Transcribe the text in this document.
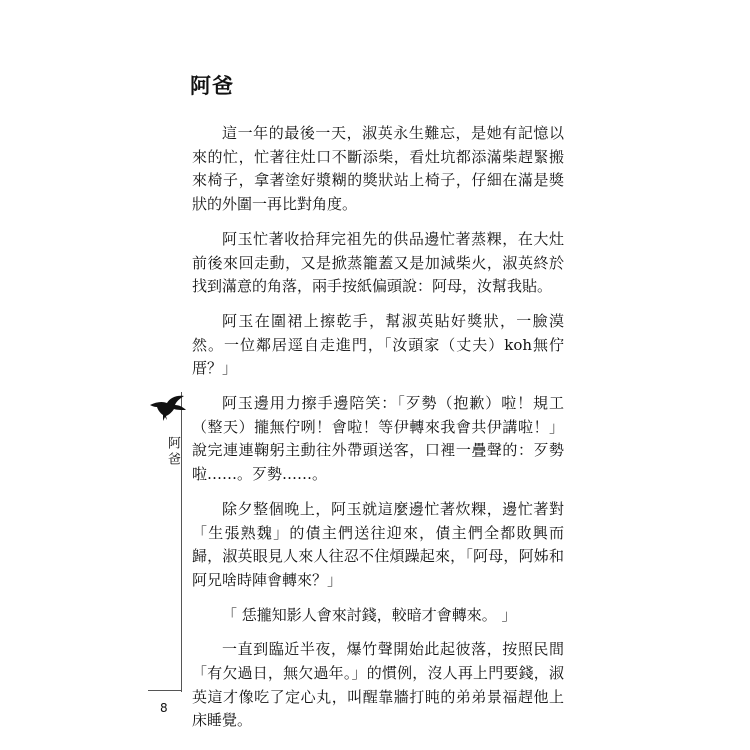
阿爸

這一年的最後一天，淑英永生難忘，是她有記憶以來的忙，忙著往灶口不斷添柴，看灶坑都添滿柴趕緊搬來椅子，拿著塗好漿糊的獎狀站上椅子，仔細在滿是獎狀的外圍一再比對角度。

阿玉忙著收拾拜完祖先的供品邊忙著蒸粿，在大灶前後來回走動，又是掀蒸籠蓋又是加減柴火，淑英終於找到滿意的角落，兩手按紙偏頭說：阿母，汝幫我貼。

阿玉在圍裙上擦乾手，幫淑英貼好獎狀，一臉漠然。一位鄰居逕自走進門，「汝頭家（丈夫）koh無佇厝？」

阿玉邊用力擦手邊陪笑：「歹勢（抱歉）啦！規工（整天）攏無佇咧！會啦！等伊轉來我會共伊講啦！」說完連連鞠躬主動往外帶頭送客，口裡一疊聲的：歹勢啦……。歹勢……。

除夕整個晚上，阿玉就這麼邊忙著炊粿，邊忙著對「生張熟魏」的債主們送往迎來，債主們全都敗興而歸，淑英眼見人來人往忍不住煩躁起來，「阿母，阿姊和阿兄啥時陣會轉來？」

「 恁攏知影人會來討錢，較暗才會轉來。 」

一直到臨近半夜，爆竹聲開始此起彼落，按照民間「有欠過日，無欠過年。」的慣例，沒人再上門要錢，淑英這才像吃了定心丸，叫醒靠牆打盹的弟弟景福趕他上床睡覺。

阿爸
8
